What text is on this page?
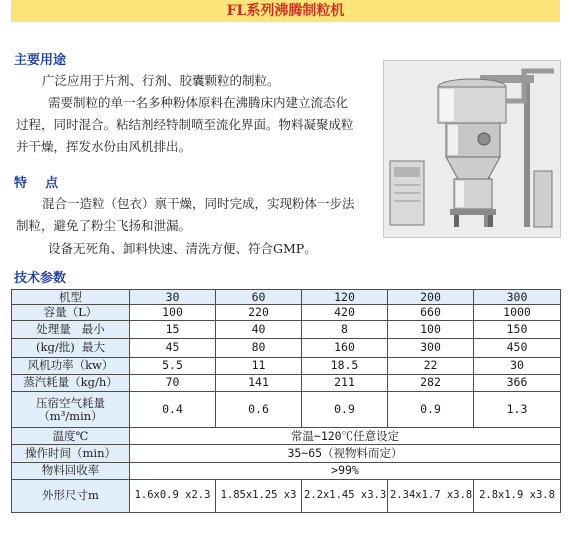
FL系列沸腾制粒机
主要用途
广泛应用于片剂、行剂、胶囊颗粒的制粒。
需要制粒的单一名多种粉体原料在沸腾床内建立流态化
过程，同时混合。粘结剂经特制喷至流化界面。物料凝聚成粒
并干燥，挥发水份由风机排出。
特    点
混合一造粒（包衣）禀干燥，同时完成，实现粉体一步法
制粒，避免了粉尘飞扬和泄漏。
设备无死角、卸料快速、清洗方便、符合GMP。
技术参数
机型	30	60	120	200	300
容量（L）	100	220	420	660	1000
处理量 最小	15	40	8	100	150
(kg/批) 最大	45	80	160	300	450
风机功率（kw）	5.5	11	18.5	22	30
蒸汽耗量（kg/h）	70	141	211	282	366

压宿空气耗量
（m³/min）	0.4	0.6	0.9	0.9	1.3
温度℃	常温~120℃任意设定				
操作时间（min）	35~65（视物料而定）				
物料回收率	>99%				
外形尺寸m	1.6x0.9 x2.3	1.85x1.25 x3	2.2x1.45 x3.3	2.34x1.7 x3.8	2.8x1.9 x3.8
